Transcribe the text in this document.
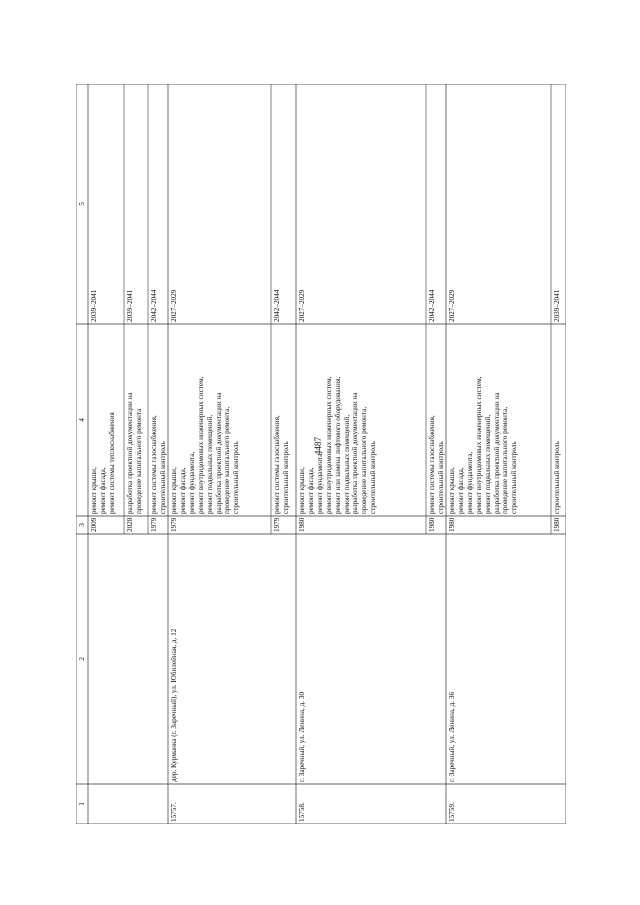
4487
1
2
3
4
5
2009
ремонт крыши, ремонт фасада, ремонт системы теплоснабжения
2039–2041
2028
разработка проектной документации на проведение капитального ремонта
2039–2041
1979
ремонт системы газоснабжения, строительный контроль
2042–2044
15757.
дер. Курманка (г. Заречный), ул. Юбилейная, д. 12
1979
ремонт крыши, ремонт фасада, ремонт фундамента, ремонт внутридомовых инженерных систем, ремонт подвальных помещений, разработка проектной документации на проведение капитального ремонта, строительный контроль
2027–2029
1979
ремонт системы газоснабжения, строительный контроль
2042–2044
15758.
г. Заречный, ул. Ленина, д. 30
1980
ремонт крыши, ремонт фасада, ремонт фундамента, ремонт внутридомовых инженерных систем, ремонт или замена лифтового оборудования, ремонт подвальных помещений, разработка проектной документации на проведение капитального ремонта, строительный контроль
2027–2029
1980
ремонт системы газоснабжения, строительный контроль
2042–2044
15759.
г. Заречный, ул. Ленина, д. 36
1980
ремонт крыши, ремонт фасада, ремонт фундамента, ремонт внутридомовых инженерных систем, ремонт подвальных помещений, разработка проектной документации на проведение капитального ремонта, строительный контроль
2027–2029
1980
строительный контроль
2039–2041
